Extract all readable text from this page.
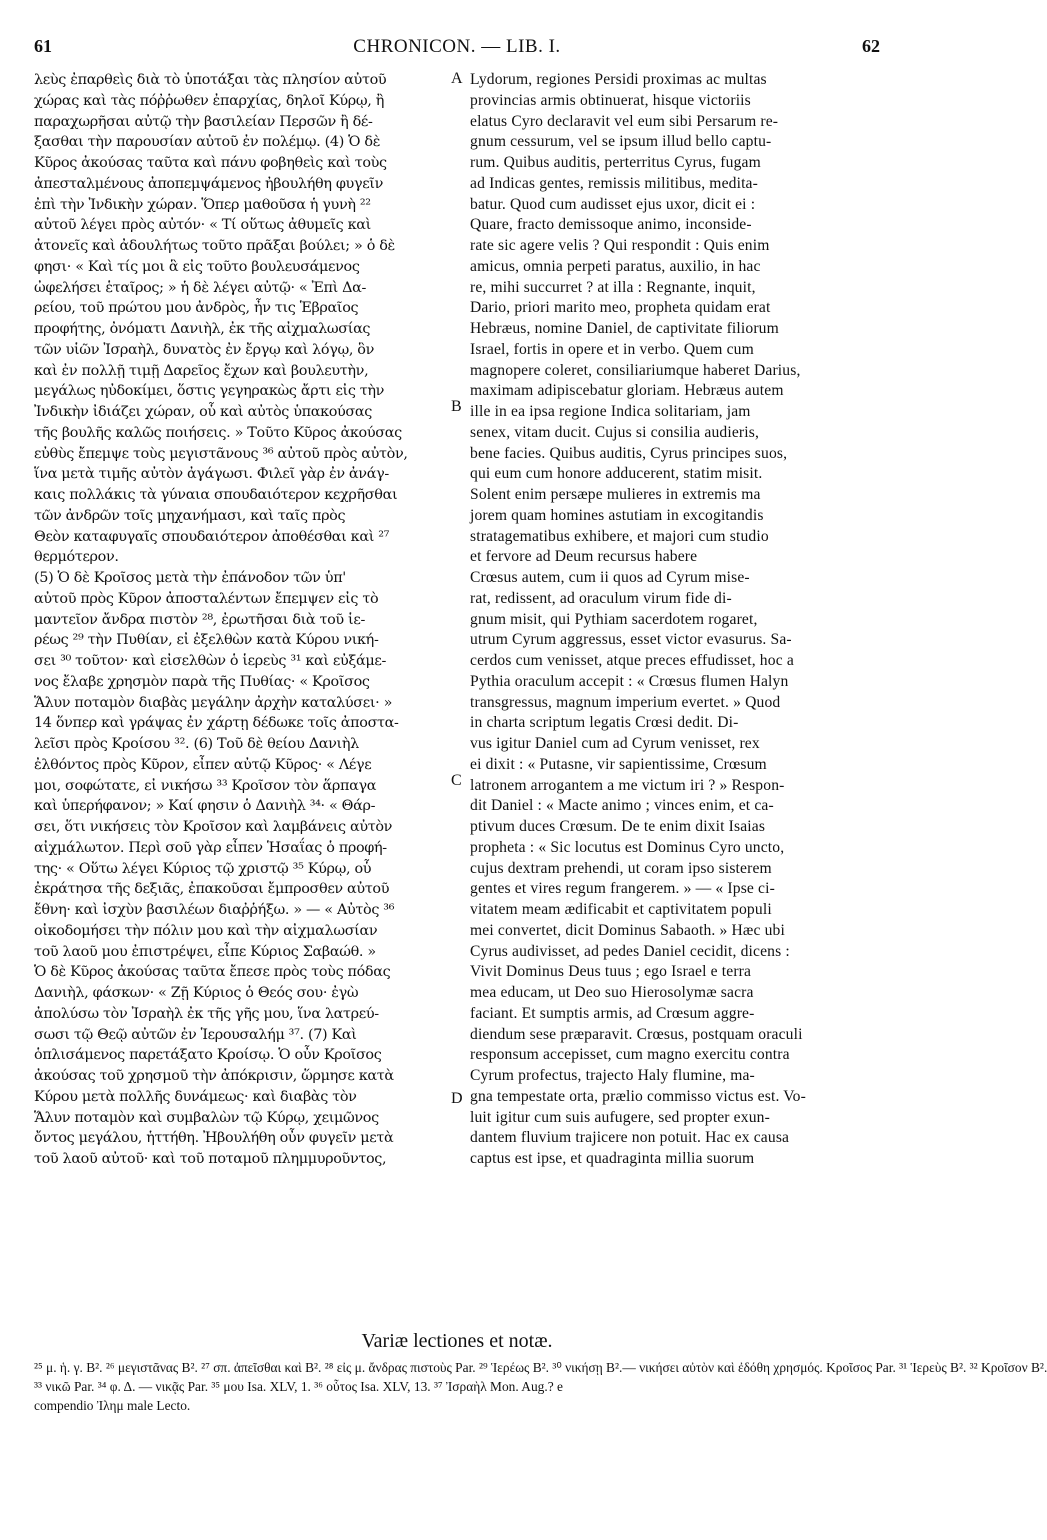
61	CHRONICON. — LIB. I.	62
λεὺς ἐπαρθεὶς διὰ τὸ ὑποτάξαι τὰς πλησίον αὐτοῦ
χώρας καὶ τὰς πόῤῥωθεν ἐπαρχίας, δηλοῖ Κύρῳ, ἢ
παραχωρῆσαι αὐτῷ τὴν βασιλείαν Περσῶν ἢ δέ-
ξασθαι τὴν παρουσίαν αὐτοῦ ἐν πολέμῳ. (4) Ὁ δὲ
Κῦρος ἀκούσας ταῦτα καὶ πάνυ φοβηθεὶς καὶ τοὺς
ἀπεσταλμένους ἀποπεμψάμενος ἠβουλήθη φυγεῖν
ἐπὶ τὴν Ἰνδικὴν χώραν. Ὅπερ μαθοῦσα ἡ γυνὴ ²²
αὐτοῦ λέγει πρὸς αὐτόν· « Τί οὕτως ἀθυμεῖς καὶ
ἀτονεῖς καὶ ἀδουλήτως τοῦτο πρᾶξαι βούλει; » ὁ δὲ
φησι· « Καὶ τίς μοι ἃ εἰς τοῦτο βουλευσάμενος
ὠφελήσει ἑταῖρος; » ἡ δὲ λέγει αὐτῷ· « Ἐπὶ Δα-
ρείου, τοῦ πρώτου μου ἀνδρὸς, ἦν τις Ἑβραῖος
προφήτης, ὀνόματι Δανιὴλ, ἐκ τῆς αἰχμαλωσίας
τῶν υἱῶν Ἰσραὴλ, δυνατὸς ἐν ἔργῳ καὶ λόγῳ, ὃν
καὶ ἐν πολλῇ τιμῇ Δαρεῖος ἔχων καὶ βουλευτὴν,
μεγάλως ηὐδοκίμει, ὅστις γεγηρακὼς ἄρτι εἰς τὴν
Ἰνδικὴν ἰδιάζει χώραν, οὗ καὶ αὐτὸς ὑπακούσας
τῆς βουλῆς καλῶς ποιήσεις. » Τοῦτο Κῦρος ἀκούσας
εὐθὺς ἔπεμψε τοὺς μεγιστᾶνους ³⁶ αὐτοῦ πρὸς αὐτὸν,
ἵνα μετὰ τιμῆς αὐτὸν ἀγάγωσι. Φιλεῖ γὰρ ἐν ἀνάγ-
καις πολλάκις τὰ γύναια σπουδαιότερον κεχρῆσθαι
τῶν ἀνδρῶν τοῖς μηχανήμασι, καὶ ταῖς πρὸς
Θεὸν καταφυγαῖς σπουδαιότερον ἀποθέσθαι καὶ ²⁷
θερμότερον.
(5) Ὁ δὲ Κροῖσος μετὰ τὴν ἐπάνοδον τῶν ὑπ'
αὐτοῦ πρὸς Κῦρον ἀποσταλέντων ἔπεμψεν εἰς τὸ
μαντεῖον ἄνδρα πιστὸν ²⁸, ἐρωτῆσαι διὰ τοῦ ἱε-
ρέως ²⁹ τὴν Πυθίαν, εἰ ἐξελθὼν κατὰ Κύρου νική-
σει ³⁰ τοῦτον· καὶ εἰσελθὼν ὁ ἱερεὺς ³¹ καὶ εὐξάμε-
νος ἔλαβε χρησμὸν παρὰ τῆς Πυθίας· « Κροῖσος
Ἅλυν ποταμὸν διαβὰς μεγάλην ἀρχὴν καταλύσει· »
14 ὅνπερ καὶ γράψας ἐν χάρτῃ δέδωκε τοῖς ἀποστα-
λεῖσι πρὸς Κροίσου ³². (6) Τοῦ δὲ θείου Δανιὴλ
ἐλθόντος πρὸς Κῦρον, εἶπεν αὐτῷ Κῦρος· « Λέγε
μοι, σοφώτατε, εἰ νικήσω ³³ Κροῖσον τὸν ἅρπαγα
καὶ ὑπερήφανον; » Καί φησιν ὁ Δανιὴλ ³⁴· « Θάρ-
σει, ὅτι νικήσεις τὸν Κροῖσον καὶ λαμβάνεις αὐτὸν
αἰχμάλωτον. Περὶ σοῦ γὰρ εἶπεν Ἡσαΐας ὁ προφή-
της· « Οὕτω λέγει Κύριος τῷ χριστῷ ³⁵ Κύρῳ, οὗ
ἐκράτησα τῆς δεξιᾶς, ἐπακοῦσαι ἔμπροσθεν αὐτοῦ
ἔθνη· καὶ ἰσχὺν βασιλέων διαῤῥήξω. » — « Αὐτὸς ³⁶
οἰκοδομήσει τὴν πόλιν μου καὶ τὴν αἰχμαλωσίαν
τοῦ λαοῦ μου ἐπιστρέψει, εἶπε Κύριος Σαβαώθ. »
Ὁ δὲ Κῦρος ἀκούσας ταῦτα ἔπεσε πρὸς τοὺς πόδας
Δανιὴλ, φάσκων· « Ζῇ Κύριος ὁ Θεός σου· ἐγὼ
ἀπολύσω τὸν Ἰσραὴλ ἐκ τῆς γῆς μου, ἵνα λατρεύ-
σωσι τῷ Θεῷ αὐτῶν ἐν Ἱερουσαλήμ ³⁷. (7) Καὶ
ὁπλισάμενος παρετάξατο Κροίσῳ. Ὁ οὖν Κροῖσος
ἀκούσας τοῦ χρησμοῦ τὴν ἀπόκρισιν, ὥρμησε κατὰ
Κύρου μετὰ πολλῆς δυνάμεως· καὶ διαβὰς τὸν
Ἅλυν ποταμὸν καὶ συμβαλὼν τῷ Κύρῳ, χειμῶνος
ὄντος μεγάλου, ἡττήθη. Ἠβουλήθη οὖν φυγεῖν μετὰ
τοῦ λαοῦ αὐτοῦ· καὶ τοῦ ποταμοῦ πλημμυροῦντος,
Lydorum, regiones Persidi proximas ac multas
provincias armis obtinuerat, hisque victoriis
elatus Cyro declaravit vel eum sibi Persarum re-
gnum cessurum, vel se ipsum illud bello captu-
rum. Quibus auditis, perterritus Cyrus, fugam
ad Indicas gentes, remissis militibus, medita-
batur. Quod cum audisset ejus uxor, dicit ei :
Quare, fracto demissoque animo, inconside-
rate sic agere velis ? Qui respondit : Quis enim
amicus, omnia perpeti paratus, auxilio, in hac
re, mihi succurret ? at illa : Regnante, inquit,
Dario, priori marito meo, propheta quidam erat
Hebræus, nomine Daniel, de captivitate filiorum
Israel, fortis in opere et in verbo. Quem cum
magnopere coleret, consiliariumque haberet Darius,
maximam adipiscebatur gloriam. Hebræus autem
ille in ea ipsa regione Indica solitariam, jam
senex, vitam ducit. Cujus si consilia audieris,
bene facies. Quibus auditis, Cyrus principes suos,
qui eum cum honore adducerent, statim misit.
Solent enim persæpe mulieres in extremis ma
jorem quam homines astutiam in excogitandis
stratagematibus exhibere, et majori cum studio
et fervore ad Deum recursus habere
Crœsus autem, cum ii quos ad Cyrum mise-
rat, redissent, ad oraculum virum fide di-
gnum misit, qui Pythiam sacerdotem rogaret,
utrum Cyrum aggressus, esset victor evasurus. Sa-
cerdos cum venisset, atque preces effudisset, hoc a
Pythia oraculum accepit : « Crœsus flumen Halyn
transgressus, magnum imperium evertet. » Quod
in charta scriptum legatis Crœsi dedit. Di-
vus igitur Daniel cum ad Cyrum venisset, rex
ei dixit : « Putasne, vir sapientissime, Crœsum
latronem arrogantem a me victum iri ? » Respon-
dit Daniel : « Macte animo ; vinces enim, et ca-
ptivum duces Crœsum. De te enim dixit Isaias
propheta : « Sic locutus est Dominus Cyro uncto,
cujus dextram prehendi, ut coram ipso sisterem
gentes et vires regum frangerem. » — « Ipse ci-
vitatem meam ædificabit et captivitatem populi
mei convertet, dicit Dominus Sabaoth. » Hæc ubi
Cyrus audivisset, ad pedes Daniel cecidit, dicens :
Vivit Dominus Deus tuus ; ego Israel e terra
mea educam, ut Deo suo Hierosolymæ sacra
faciant. Et sumptis armis, ad Crœsum aggre-
diendum sese præparavit. Crœsus, postquam oraculi
responsum accepisset, cum magno exercitu contra
Cyrum profectus, trajecto Haly flumine, ma-
gna tempestate orta, prælio commisso victus est. Vo-
luit igitur cum suis aufugere, sed propter exun-
dantem fluvium trajicere non potuit. Hac ex causa
captus est ipse, et quadraginta millia suorum
A
B
C
D
Variæ lectiones et notæ.
²⁵ μ. ἡ. γ. B². ²⁶ μεγιστᾶνας B². ²⁷ σπ. ἀπεῖσθαι καὶ B². ²⁸ εἰς μ. ἄνδρας πιστοὺς Par. ²⁹ Ἱερέως B². ³⁰ νικήσῃ B².— νικήσει αὐτὸν καὶ ἐδόθη χρησμός. Κροῖσος Par. ³¹ Ἱερεὺς B². ³² Κροῖσον B².
³³ νικῶ Par. ³⁴ φ. Δ. — νικᾷς Par. ³⁵ μου Isa. XLV, 1. ³⁶ οὗτος Isa. XLV, 13. ³⁷ Ἰσραὴλ Mon. Aug.? e
compendio Ἰλημ male Lecto.
